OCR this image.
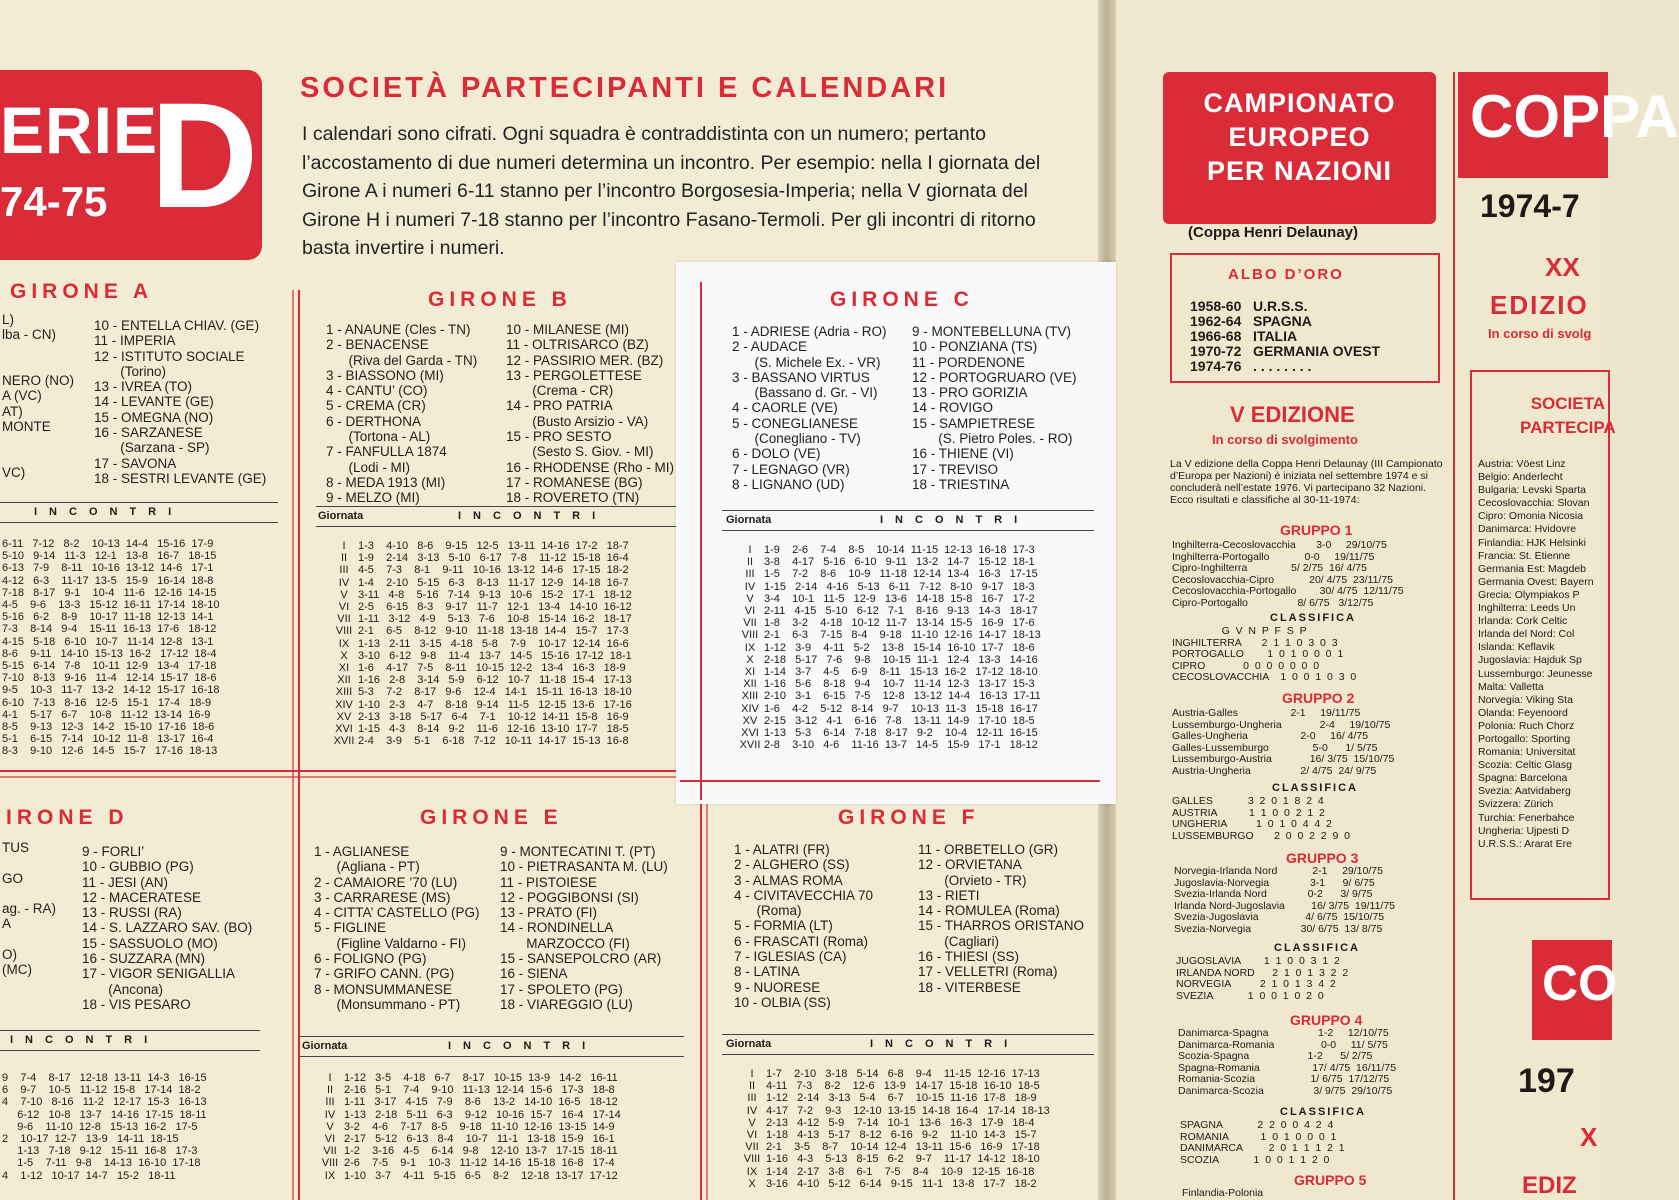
ERIE
74-75 D SOCIETÀ PARTECIPANTI E CALENDARI
I calendari sono cifrati. Ogni squadra è contraddistinta con un numero; pertanto l’accostamento di due numeri determina un incontro. Per esempio: nella I giornata del Girone A i numeri 6-11 stanno per l’incontro Borgosesia-Imperia; nella V giornata del Girone H i numeri 7-18 stanno per l’incontro Fasano-Termoli. Per gli incontri di ritorno basta invertire i numeri.
GIRONE A
L)
lba - CN)

NERO (NO)
A (VC)
AT)
MONTE

VC)
10 - ENTELLA CHIAV. (GE)
11 - IMPERIA
12 - ISTITUTO SOCIALE
(Torino)
13 - IVREA (TO)
14 - LEVANTE (GE)
15 - OMEGNA (NO)
16 - SARZANESE
(Sarzana - SP)
17 - SAVONA
18 - SESTRI LEVANTE (GE)
INCONTRI
6-11   7-12   8-2    10-13  14-4   15-16  17-9
5-10   9-14   11-3   12-1   13-8   16-7   18-15
6-13   7-9    8-11   10-16  13-12  14-6   17-1
4-12   6-3    11-17  13-5   15-9   16-14  18-8
7-18   8-17   9-1    10-4   11-6   12-16  14-15
4-5    9-6    13-3   15-12  16-11  17-14  18-10
5-16   6-2    8-9    10-17  11-18  12-13  14-1
7-3    8-14   9-4    15-11  16-13  17-6   18-12
4-15   5-18   6-10   10-7   11-14  12-8   13-1
8-6    9-11   14-10  15-13  16-2   17-12  18-4
5-15   6-14   7-8    10-11  12-9   13-4   17-18
7-10   8-13   9-16   11-4   12-14  15-17  18-6
9-5    10-3   11-7   13-2   14-12  15-17  16-18
6-10   7-13   8-16   12-5   15-1   17-4   18-9
4-1    5-17   6-7    10-8   11-12  13-14  16-9
8-5    9-13   12-3   14-2   15-10  17-16  18-6
5-1    6-15   7-14   10-12  11-8   13-17  16-4
8-3    9-10   12-6   14-5   15-7   17-16  18-13
GIRONE B
1 - ANAUNE (Cles - TN)
2 - BENACENSE
(Riva del Garda - TN)
3 - BIASSONO (MI)
4 - CANTU’ (CO)
5 - CREMA (CR)
6 - DERTHONA
(Tortona - AL)
7 - FANFULLA 1874
(Lodi - MI)
8 - MEDA 1913 (MI)
9 - MELZO (MI)
10 - MILANESE (MI)
11 - OLTRISARCO (BZ)
12 - PASSIRIO MER. (BZ)
13 - PERGOLETTESE
(Crema - CR)
14 - PRO PATRIA
(Busto Arsizio - VA)
15 - PRO SESTO
(Sesto S. Giov. - MI)
16 - RHODENSE (Rho - MI)
17 - ROMANESE (BG)
18 - ROVERETO (TN)
Giornata	INCONTRI
I 1-3    4-10   8-6    9-15   12-5   13-11  14-16  17-2   18-7
II 1-9    2-14   3-13   5-10   6-17   7-8    11-12  15-18  16-4
III 4-5    7-3    8-1    9-11   10-16  13-12  14-6   17-15  18-2
IV 1-4    2-10   5-15   6-3    8-13   11-17  12-9   14-18  16-7
V 3-11   4-8    5-16   7-14   9-13   10-6   15-2   17-1   18-12
VI 2-5    6-15   8-3    9-17   11-7   12-1   13-4   14-10  16-12
VII 1-11   3-12   4-9    5-13   7-6    10-8   15-14  16-2   18-17
VIII 2-1    6-5    8-12   9-10   11-18  13-18  14-4   15-7   17-3
IX 1-13   2-11   3-15   4-18   5-8    7-9    10-17  12-14  16-6
X 3-10   6-12   9-8    11-4   13-7   14-5   15-16  17-12  18-1
XI 1-6    4-17   7-5    8-11   10-15  12-2   13-4   16-3   18-9
XII 1-16   2-8    3-14   5-9    6-12   10-7   11-18  15-4   17-13
XIII 5-3    7-2    8-17   9-6    12-4   14-1   15-11  16-13  18-10
XIV 1-10   2-3    4-7    8-18   9-14   11-5   12-15  13-6   17-16
XV 2-13   3-18   5-17   6-4    7-1    10-12  14-11  15-8   16-9
XVI 1-15   4-3    8-14   9-2    11-6   12-16  13-10  17-7   18-5
XVII 2-4    3-9    5-1    6-18   7-12   10-11  14-17  15-13  16-8
GIRONE C
1 - ADRIESE (Adria - RO)
2 - AUDACE
(S. Michele Ex. - VR)
3 - BASSANO VIRTUS
(Bassano d. Gr. - VI)
4 - CAORLE (VE)
5 - CONEGLIANESE
(Conegliano - TV)
6 - DOLO (VE)
7 - LEGNAGO (VR)
8 - LIGNANO (UD)
9 - MONTEBELLUNA (TV)
10 - PONZIANA (TS)
11 - PORDENONE
12 - PORTOGRUARO (VE)
13 - PRO GORIZIA
14 - ROVIGO
15 - SAMPIETRESE
(S. Pietro Poles. - RO)
16 - THIENE (VI)
17 - TREVISO
18 - TRIESTINA
Giornata	INCONTRI
I 1-9    2-6    7-4    8-5    10-14  11-15  12-13  16-18  17-3
II 3-8    4-17   5-16   6-10   9-11   13-2   14-7   15-12  18-1
III 1-5    7-2    8-6    10-9   11-18  12-14  13-4   16-3   17-15
IV 1-15   2-14   4-16   5-13   6-11   7-12   8-10   9-17   18-3
V 3-4    10-1   11-5   12-9   13-6   14-18  15-8   16-7   17-2
VI 2-11   4-15   5-10   6-12   7-1    8-16   9-13   14-3   18-17
VII 1-8    3-2    4-18   10-12  11-7   13-14  15-5   16-9   17-6
VIII 2-1    6-3    7-15   8-4    9-18   11-10  12-16  14-17  18-13
IX 1-12   3-9    4-11   5-2    13-8   15-14  16-10  17-7   18-6
X 2-18   5-17   7-6    9-8    10-15  11-1   12-4   13-3   14-16
XI 1-14   3-7    4-5    6-9    8-11   15-13  16-2   17-12  18-10
XII 1-16   5-6    8-18   9-4    10-7   11-14  12-3   13-17  15-3
XIII 2-10   3-1    6-15   7-5    12-8   13-12  14-4   16-13  17-11
XIV 1-6    4-2    5-12   8-14   9-7    10-13  11-3   15-18  16-17
XV 2-15   3-12   4-1    6-16   7-8    13-11  14-9   17-10  18-5
XVI 1-13   5-3    6-14   7-18   8-17   9-2    10-4   12-11  16-15
XVII 2-8    3-10   4-6    11-16  13-7   14-5   15-9   17-1   18-12
IRONE D
TUS

GO

ag. - RA)
A

O)
(MC)
9 - FORLI’
10 - GUBBIO (PG)
11 - JESI (AN)
12 - MACERATESE
13 - RUSSI (RA)
14 - S. LAZZARO SAV. (BO)
15 - SASSUOLO (MO)
16 - SUZZARA (MN)
17 - VIGOR SENIGALLIA
(Ancona)
18 - VIS PESARO
INCONTRI
9    7-4    8-17   12-18  13-11  14-3   16-15
6    9-7    10-5   11-12  15-8   17-14  18-2
4    7-10   8-16   11-2   12-17  15-3   16-13
6-12   10-8   13-7   14-16  17-15  18-11
9-6    11-10  12-8   15-13  16-2   17-5
2    10-17  12-7   13-9   14-11  18-15
1-13   7-18   9-12   15-11  16-8   17-3
1-5    7-11   9-8    14-13  16-10  17-18
4    1-12   10-17  14-7   15-2   18-11
GIRONE E
1 - AGLIANESE
(Agliana - PT)
2 - CAMAIORE ’70 (LU)
3 - CARRARESE (MS)
4 - CITTA’ CASTELLO (PG)
5 - FIGLINE
(Figline Valdarno - FI)
6 - FOLIGNO (PG)
7 - GRIFO CANN. (PG)
8 - MONSUMMANESE
(Monsummano - PT)
9 - MONTECATINI T. (PT)
10 - PIETRASANTA M. (LU)
11 - PISTOIESE
12 - POGGIBONSI (SI)
13 - PRATO (FI)
14 - RONDINELLA
MARZOCCO (FI)
15 - SANSEPOLCRO (AR)
16 - SIENA
17 - SPOLETO (PG)
18 - VIAREGGIO (LU)
Giornata	INCONTRI
I 1-12   3-5    4-18   6-7    8-17   10-15  13-9   14-2   16-11
II 2-16   5-1    7-4    9-10   11-13  12-14  15-6   17-3   18-8
III 1-11   3-17   4-15   7-9    8-6    13-2   14-10  16-5   18-12
IV 1-13   2-18   5-11   6-3    9-12   10-16  15-7   16-4   17-14
V 3-2    4-6    7-17   8-5    9-18   11-10  12-16  13-15  14-9
VI 2-17   5-12   6-13   8-4    10-7   11-1   13-18  15-9   16-1
VII 1-2    3-16   4-5    6-14   9-8    12-10  13-7   17-15  18-11
VIII 2-6    7-5    9-1    10-3   11-12  14-16  15-18  16-8   17-4
IX 1-10   3-7    4-11   5-15   6-5    8-2    12-18  13-17  17-12
GIRONE F
1 - ALATRI (FR)
2 - ALGHERO (SS)
3 - ALMAS ROMA
4 - CIVITAVECCHIA 70
(Roma)
5 - FORMIA (LT)
6 - FRASCATI (Roma)
7 - IGLESIAS (CA)
8 - LATINA
9 - NUORESE
10 - OLBIA (SS)
11 - ORBETELLO (GR)
12 - ORVIETANA
(Orvieto - TR)
13 - RIETI
14 - ROMULEA (Roma)
15 - THARROS ORISTANO
(Cagliari)
16 - THIESI (SS)
17 - VELLETRI (Roma)
18 - VITERBESE
Giornata	INCONTRI
I 1-7    2-10   3-18   5-14   6-8    9-4    11-15  12-16  17-13
II 4-11   7-3    8-2    12-6   13-9   14-17  15-18  16-10  18-5
III 1-12   2-14   3-13   5-4    6-7    10-15  11-16  17-8   18-9
IV 4-17   7-2    9-3    12-10  13-15  14-18  16-4   17-14  18-13
V 2-13   4-12   5-9    7-14   10-1   13-6   16-3   17-9   18-4
VI 1-18   4-13   5-17   8-12   6-16   9-2    11-10  14-3   15-7
VII 2-1    3-5    8-7    10-14  12-4   13-11  15-6   16-9   17-18
VIII 1-16   4-3    5-13   8-15   6-2    9-7    11-17  14-12  18-10
IX 1-14   2-17   3-8    6-1    7-5    8-4    10-9   12-15  16-18
X 3-16   4-10   5-12   6-14   9-15   11-1   13-8   17-7   18-2
CAMPIONATO
EUROPEO
PER NAZIONI
(Coppa Henri Delaunay)
ALBO D’ORO
1958-60   U.R.S.S.
1962-64   SPAGNA
1966-68   ITALIA
1970-72   GERMANIA OVEST
1974-76   . . . . . . . .
V EDIZIONE
In corso di svolgimento
La V edizione della Coppa Henri Delaunay (III Campionato d’Europa per Nazioni) è iniziata nel settembre 1974 e si concluderà nell’estate 1976. Vi partecipano 32 Nazioni. Ecco risultati e classifiche al 30-11-1974:
GRUPPO 1
Inghilterra-Cecoslovacchia       3-0     29/10/75
Inghilterra-Portogallo            0-0     19/11/75
Cipro-Inghilterra               5/ 2/75  16/ 4/75
Cecoslovacchia-Cipro            20/ 4/75  23/11/75
Cecoslovacchia-Portogallo        30/ 4/75  12/11/75
Cipro-Portogallo                 8/ 6/75   3/12/75
CLASSIFICA
G  V  N  P  F  S  P
INGHILTERRA       2  1  1  0  3  0  3
PORTOGALLO        1  0  1  0  0  0  1
CIPRO             0  0  0  0  0  0  0
CECOSLOVACCHIA    1  0  0  1  0  3  0
GRUPPO 2
Austria-Galles                  2-1     19/11/75
Lussemburgo-Ungheria             2-4     19/10/75
Galles-Ungheria                  2-0     16/ 4/75
Galles-Lussemburgo               5-0      1/ 5/75
Lussemburgo-Austria             16/ 3/75  15/10/75
Austria-Ungheria                 2/ 4/75  24/ 9/75
CLASSIFICA
GALLES            3  2  0  1  8  2  4
AUSTRIA           1  1  0  0  2  1  2
UNGHERIA          1  0  1  0  4  4  2
LUSSEMBURGO       2  0  0  2  2  9  0
GRUPPO 3
Norvegia-Irlanda Nord            2-1     29/10/75
Jugoslavia-Norvegia              3-1      9/ 6/75
Svezia-Irlanda Nord              0-2      3/ 9/75
Irlanda Nord-Jugoslavia         16/ 3/75  19/11/75
Svezia-Jugoslavia                4/ 6/75  15/10/75
Svezia-Norvegia                 30/ 6/75  13/ 8/75
CLASSIFICA
JUGOSLAVIA        1  1  0  0  3  1  2
IRLANDA NORD      2  1  0  1  3  2  2
NORVEGIA          2  1  0  1  3  4  2
SVEZIA            1  0  0  1  0  2  0
GRUPPO 4
Danimarca-Spagna                 1-2     12/10/75
Danimarca-Romania                0-0     11/ 5/75
Scozia-Spagna                    1-2      5/ 2/75
Spagna-Romania                  17/ 4/75  16/11/75
Romania-Scozia                   1/ 6/75  17/12/75
Danimarca-Scozia                 3/ 9/75  29/10/75
CLASSIFICA
SPAGNA            2  2  0  0  4  2  4
ROMANIA           1  0  1  0  0  0  1
DANIMARCA         2  0  1  1  1  2  1
SCOZIA            1  0  0  1  1  2  0
GRUPPO 5
Finlandia-Polonia
COPPA
1974-7
XX
EDIZIO
In corso di svolg
SOCIETA
PARTECIPA
Austria: Vöest Linz
Belgio: Anderlecht
Bulgaria: Levski Sparta
Cecoslovacchia: Slovan
Cipro: Omonia Nicosia
Danimarca: Hvidovre
Finlandia: HJK Helsinki
Francia: St. Etienne
Germania Est: Magdeb
Germania Ovest: Bayern
Grecia: Olympiakos P
Inghilterra: Leeds Un
Irlanda: Cork Celtic
Irlanda del Nord: Col
Islanda: Keflavik
Jugoslavia: Hajduk Sp
Lussemburgo: Jeunesse
Malta: Valletta
Norvegia: Viking Sta
Olanda: Feyenoord
Polonia: Ruch Chorz
Portogallo: Sporting
Romania: Universitat
Scozia: Celtic Glasg
Spagna: Barcelona
Svezia: Aatvidaberg
Svizzera: Zürich
Turchia: Fenerbahce
Ungheria: Ujpesti D
U.R.S.S.: Ararat Ere
CO
197
X
EDIZ
